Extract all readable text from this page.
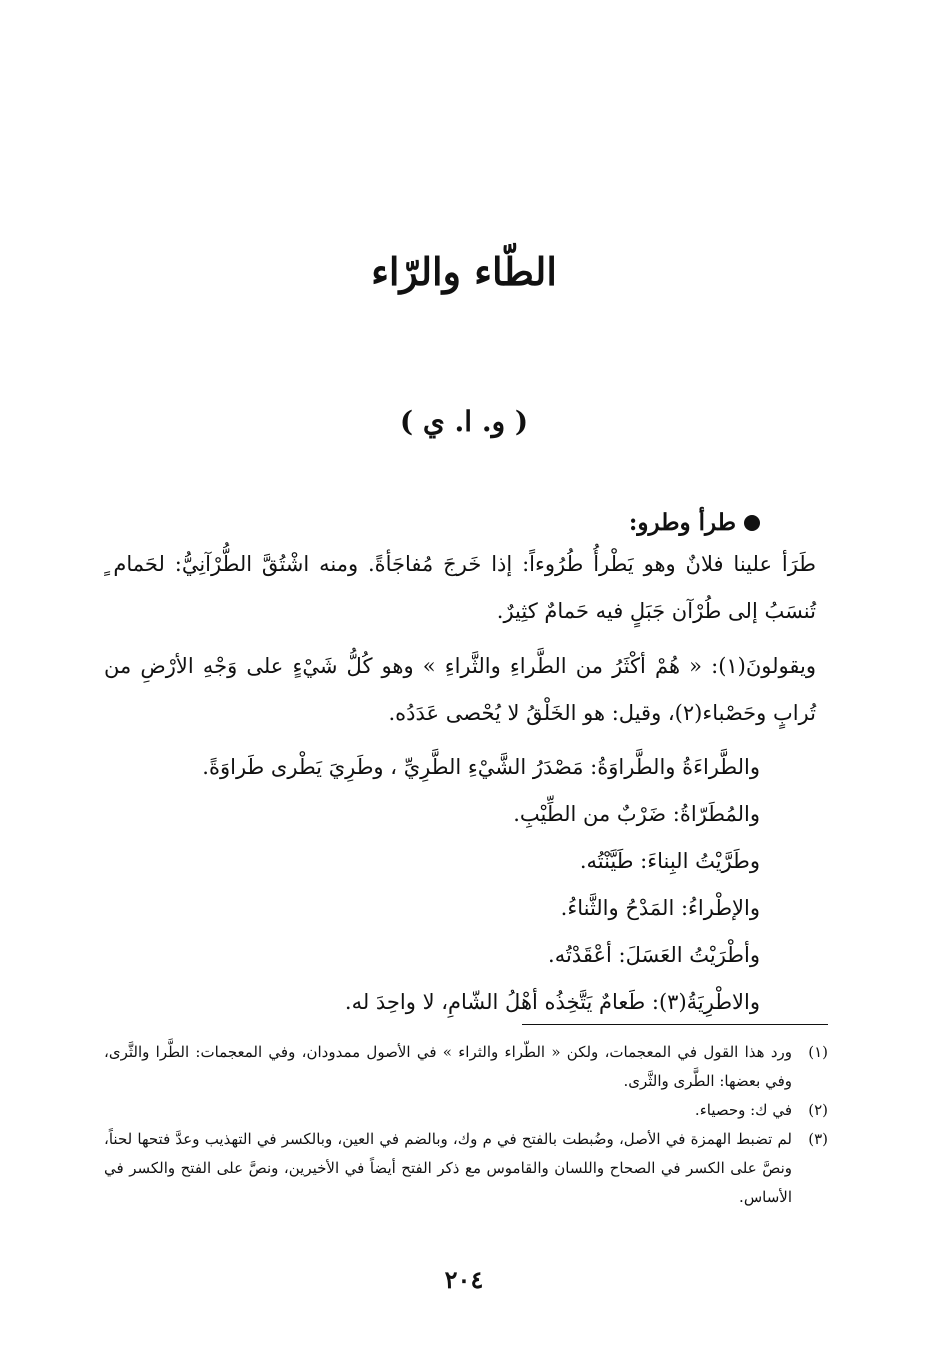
الطّاء والرّاء
( و. ا. ي )
طرأ وطرو:

طَرَأ علينا فلانٌ وهو يَطْرأُ طُرُوءاً: إذا خَرجَ مُفاجَأةً. ومنه اشْتُقَّ الطُّرْآنِيُّ: لحَمام ٍ تُنسَبُ إلى طُرْآن جَبَلٍ فيه حَمامٌ كثِيرٌ.

ويقولونَ(١): « هُمْ أكْثَرُ من الطَّراءِ والثَّراءِ » وهو كُلُّ شَيْءٍ على وَجْهِ الأرْضِ من تُرابٍ وحَصْباء(٢)، وقيل: هو الخَلْقُ لا يُحْصى عَدَدُه.

والطَّراءَةُ والطَّراوَةُ: مَصْدَرُ الشَّيْءِ الطَّرِيِّ ، وطَرِيَ يَطْرى طَراوَةً.
والمُطَرّاةُ: ضَرْبٌ من الطِّيْبِ.
وطَرَّيْتُ البِناءَ: طَيَّنْتُه.
والإطْراءُ: المَدْحُ والثَّناءُ.
وأطْرَيْتُ العَسَلَ: أعْقَدْتُه.
والاطْرِيَةُ(٣): طَعامٌ يَتَّخِذُه أهْلُ الشّامِ، لا واحِدَ له.
(١)
ورد هذا القول في المعجمات، ولكن « الطّراء والثراء » في الأصول ممدودان، وفي المعجمات: الطَّرا والثَّرى، وفي بعضها: الطَّرى والثَّرى.
(٢)
في ك: وحصياء.
(٣)
لم تضبط الهمزة في الأصل، وضُبطت بالفتح في م وك، وبالضم في العين، وبالكسر في التهذيب وعدَّ فتحها لحناً، ونصَّ على الكسر في الصحاح واللسان والقاموس مع ذكر الفتح أيضاً في الأخيرين، ونصَّ على الفتح والكسر في الأساس.
٢٠٤
